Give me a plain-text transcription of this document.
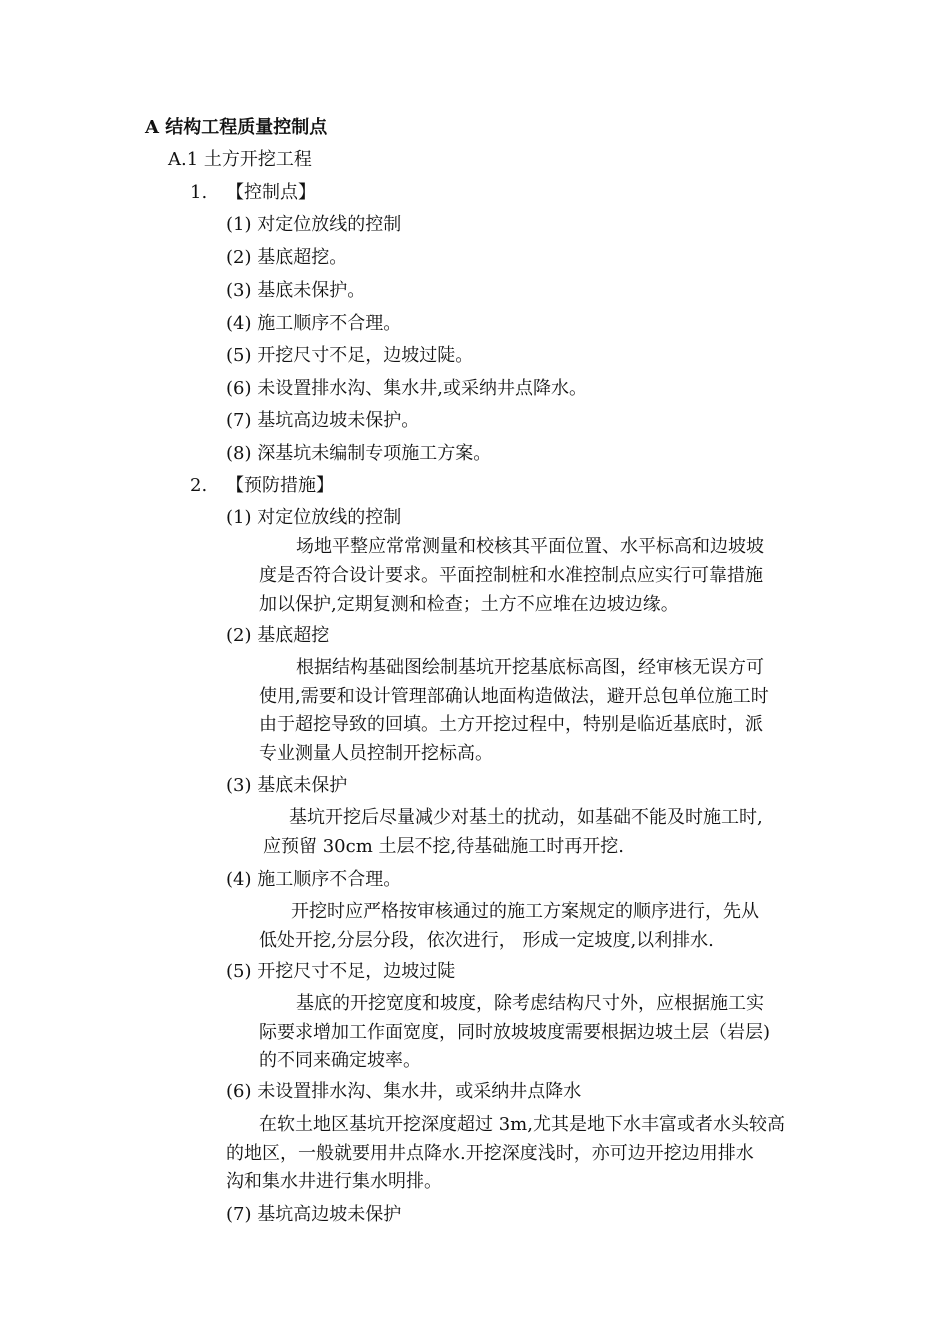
A 结构工程质量控制点
A.1 土方开挖工程
1. 【控制点】
(1) 对定位放线的控制
(2) 基底超挖。
(3) 基底未保护。
(4) 施工顺序不合理。
(5) 开挖尺寸不足，边坡过陡。
(6) 未设置排水沟、集水井,或采纳井点降水。
(7) 基坑高边坡未保护。
(8) 深基坑未编制专项施工方案。
2. 【预防措施】
(1) 对定位放线的控制
场地平整应常常测量和校核其平面位置、水平标高和边坡坡
度是否符合设计要求。平面控制桩和水准控制点应实行可靠措施
加以保护,定期复测和检查；土方不应堆在边坡边缘。
(2) 基底超挖
根据结构基础图绘制基坑开挖基底标高图，经审核无误方可
使用,需要和设计管理部确认地面构造做法，避开总包单位施工时
由于超挖导致的回填。土方开挖过程中，特别是临近基底时，派
专业测量人员控制开挖标高。
(3) 基底未保护
基坑开挖后尽量减少对基土的扰动，如基础不能及时施工时,
应预留 30cm 土层不挖,待基础施工时再开挖.
(4) 施工顺序不合理。
开挖时应严格按审核通过的施工方案规定的顺序进行，先从
低处开挖,分层分段，依次进行， 形成一定坡度,以利排水.
(5) 开挖尺寸不足，边坡过陡
基底的开挖宽度和坡度，除考虑结构尺寸外，应根据施工实
际要求增加工作面宽度，同时放坡坡度需要根据边坡土层（岩层)
的不同来确定坡率。
(6) 未设置排水沟、集水井，或采纳井点降水
在软土地区基坑开挖深度超过 3m,尤其是地下水丰富或者水头较高
的地区，一般就要用井点降水.开挖深度浅时，亦可边开挖边用排水
沟和集水井进行集水明排。
(7) 基坑高边坡未保护
